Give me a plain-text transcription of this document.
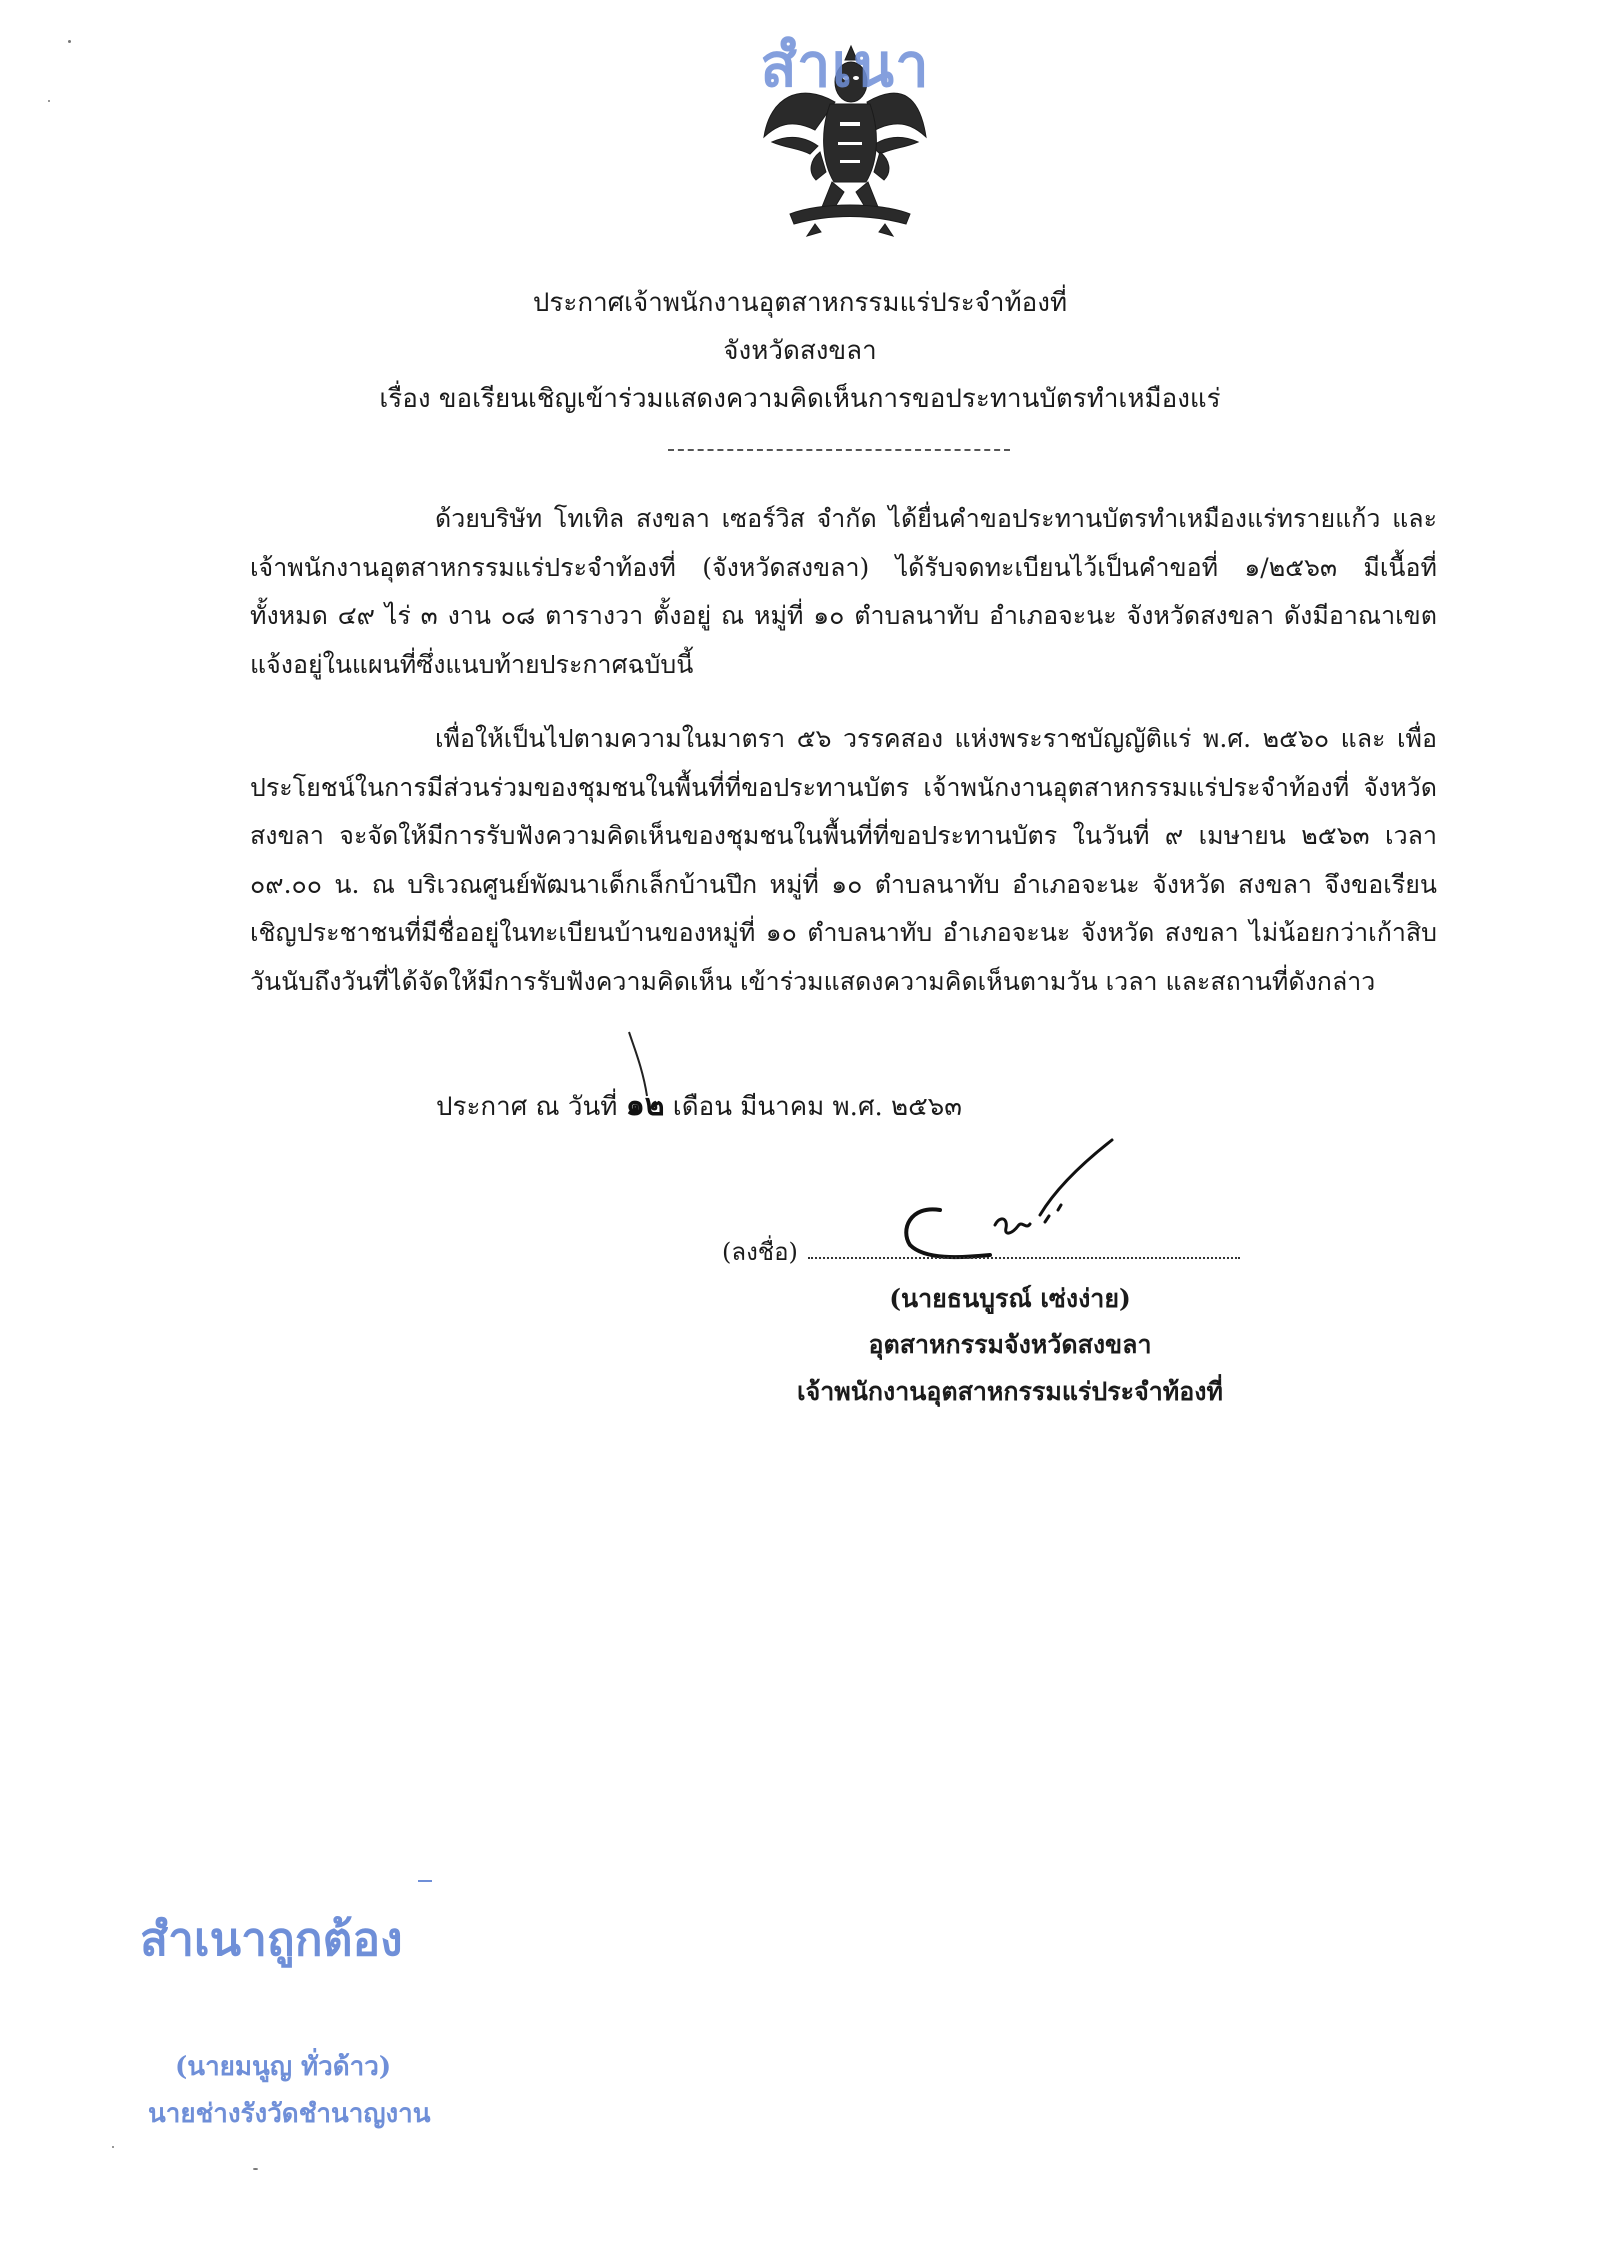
สำเนา
ประกาศเจ้าพนักงานอุตสาหกรรมแร่ประจำท้องที่
จังหวัดสงขลา
เรื่อง ขอเรียนเชิญเข้าร่วมแสดงความคิดเห็นการขอประทานบัตรทำเหมืองแร่
ด้วยบริษัท โทเทิล สงขลา เซอร์วิส จำกัด ได้ยื่นคำขอประทานบัตรทำเหมืองแร่ทรายแก้ว และเจ้าพนักงานอุตสาหกรรมแร่ประจำท้องที่ (จังหวัดสงขลา) ได้รับจดทะเบียนไว้เป็นคำขอที่ ๑/๒๕๖๓ มีเนื้อที่ทั้งหมด ๔๙ ไร่ ๓ งาน ๐๘ ตารางวา ตั้งอยู่ ณ หมู่ที่ ๑๐ ตำบลนาทับ อำเภอจะนะ จังหวัดสงขลา ดังมีอาณาเขตแจ้งอยู่ในแผนที่ซึ่งแนบท้ายประกาศฉบับนี้
เพื่อให้เป็นไปตามความในมาตรา ๕๖ วรรคสอง แห่งพระราชบัญญัติแร่ พ.ศ. ๒๕๖๐ และ เพื่อประโยชน์ในการมีส่วนร่วมของชุมชนในพื้นที่ที่ขอประทานบัตร เจ้าพนักงานอุตสาหกรรมแร่ประจำท้องที่ จังหวัดสงขลา จะจัดให้มีการรับฟังความคิดเห็นของชุมชนในพื้นที่ที่ขอประทานบัตร ในวันที่ ๙ เมษายน ๒๕๖๓ เวลา ๐๙.๐๐ น. ณ บริเวณศูนย์พัฒนาเด็กเล็กบ้านปึก หมู่ที่ ๑๐ ตำบลนาทับ อำเภอจะนะ จังหวัด สงขลา จึงขอเรียนเชิญประชาชนที่มีชื่ออยู่ในทะเบียนบ้านของหมู่ที่ ๑๐ ตำบลนาทับ อำเภอจะนะ จังหวัด สงขลา ไม่น้อยกว่าเก้าสิบวันนับถึงวันที่ได้จัดให้มีการรับฟังความคิดเห็น เข้าร่วมแสดงความคิดเห็นตามวัน เวลา และสถานที่ดังกล่าว
ประกาศ ณ วันที่ ๑๒ เดือน มีนาคม พ.ศ. ๒๕๖๓
(ลงชื่อ)
(นายธนบูรณ์ เซ่งง่าย)
อุตสาหกรรมจังหวัดสงขลา
เจ้าพนักงานอุตสาหกรรมแร่ประจำท้องที่
สำเนาถูกต้อง
(นายมนูญ ทั่วด้าว)
นายช่างรังวัดชำนาญงาน
